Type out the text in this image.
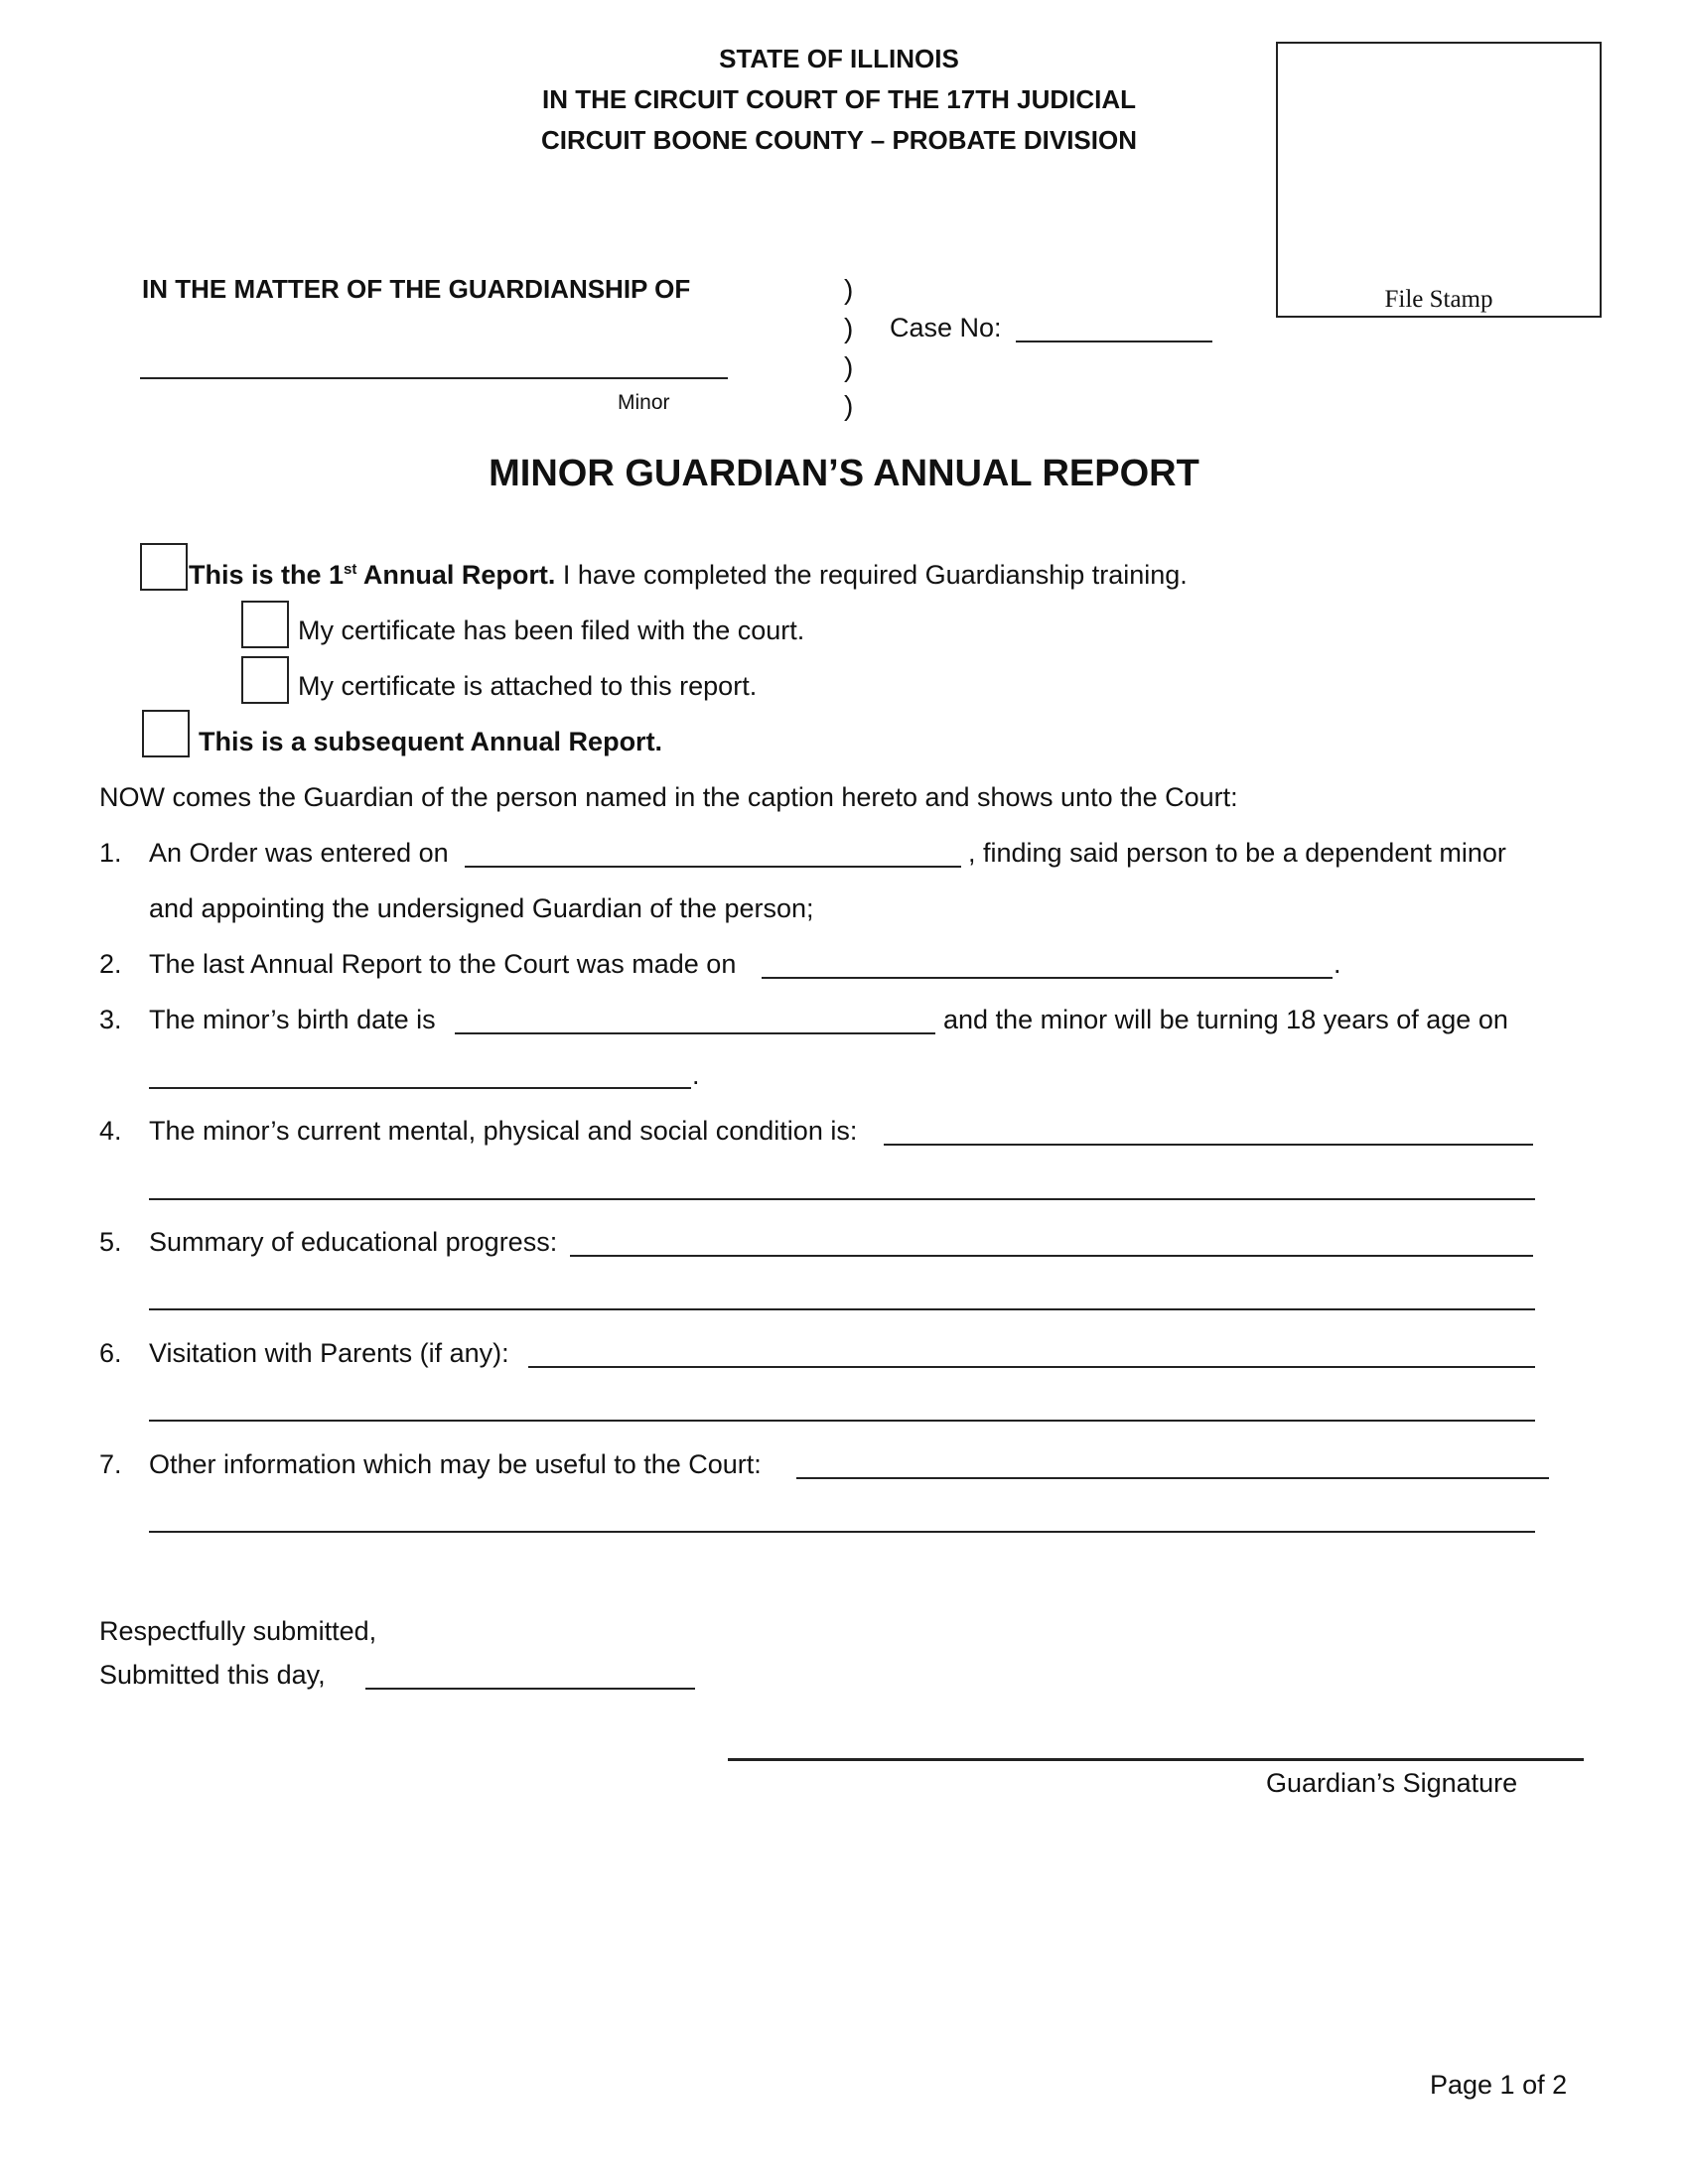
STATE OF ILLINOIS
IN THE CIRCUIT COURT OF THE 17TH JUDICIAL
CIRCUIT BOONE COUNTY – PROBATE DIVISION
File Stamp
IN THE MATTER OF THE GUARDIANSHIP OF
Minor
)
)
)
)
Case No:
MINOR GUARDIAN’S ANNUAL REPORT
This is the 1st Annual Report. I have completed the required Guardianship training.
My certificate has been filed with the court.
My certificate is attached to this report.
This is a subsequent Annual Report.
NOW comes the Guardian of the person named in the caption hereto and shows unto the Court:
1. An Order was entered on	, finding said person to be a dependent minor
and appointing the undersigned Guardian of the person;
2. The last Annual Report to the Court was made on	.
3. The minor’s birth date is	and the minor will be turning 18 years of age on
.
4. The minor’s current mental, physical and social condition is:
5. Summary of educational progress:
6. Visitation with Parents (if any):
7. Other information which may be useful to the Court:
Respectfully submitted,
Submitted this day,
Guardian’s Signature
Page 1 of 2
